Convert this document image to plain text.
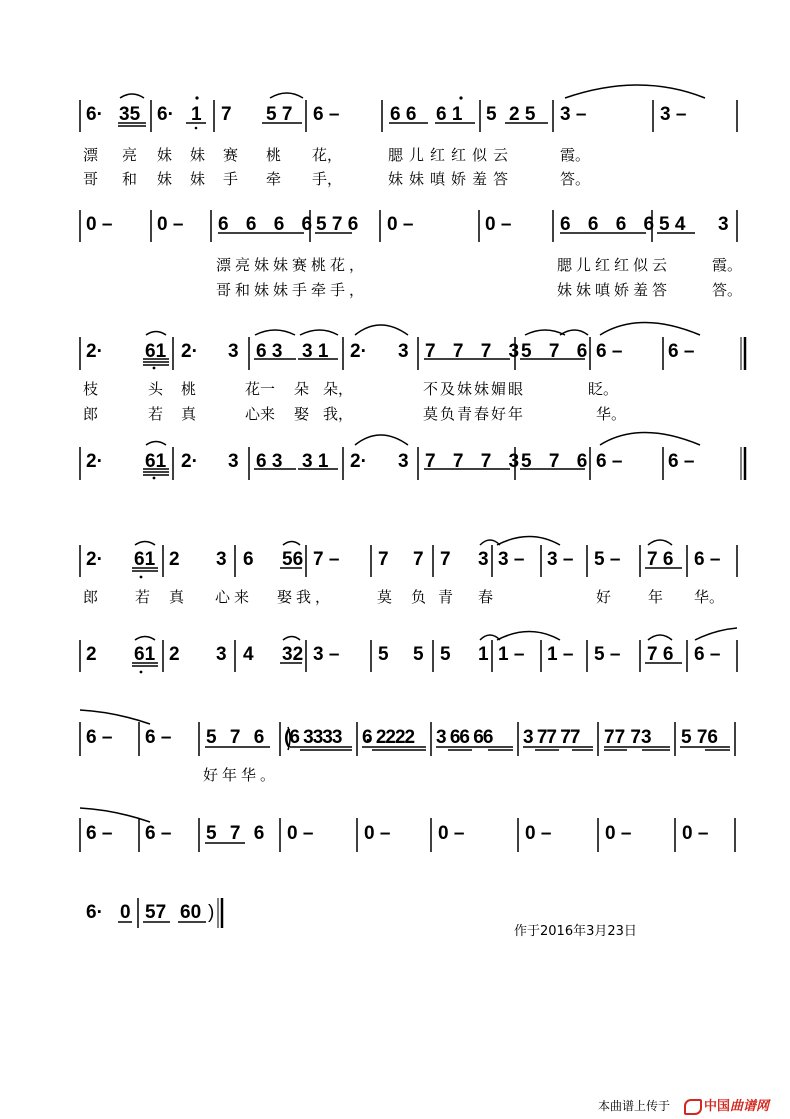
6· 35 6· 1 7 5 7 6 –	6 6 6 1 5 2 5 3 –	3 –
漂 亮 妹 妹 赛 桃 花，	腮儿红红似云	霞。
哥 和 妹 妹 手 牵 手，	妹妹嗔娇羞答	答。
0 – 0 – 6 6 6 6
5 7 6 0 –	0 –	6 6 6 6
5 4 3
漂亮妹妹赛桃花，	腮儿红红似云	霞。
哥和妹妹手牵手，	妹妹嗔娇羞答	答。
2· 61 2· 3 6 3 3 1 2· 3 7 7 7 3
5 7 6 6 – 6 –
枝	头 桃	花一 朵 朵，	不及妹妹媚眼	眨。
郎	若 真	心来 娶 我，	莫负青春好年	华。
2· 61 2· 3 6 3 3 1 2· 3 7 7 7 3
5 7 6 6 – 6 –
2· 61 2 3 6 56 7 – 7 7 7 3 3 – 3 – 5 – 7 6 6 –
郎 若 真 心来 娶我，	莫 负青 春	好 年 华。
2 61 2 3 4 32 3 – 5 5 5 1 1 – 1 – 5 – 7 6 6 –
6 – 6 – 5 7 6 (6 3333 6 2222 3 66 66 3 77 77 77 73 5 76
好年华。
6 – 6 – 5 7 6 0 –	0 –	0 –	0 –	0 –	0 –
6· 0 57 60 )
作于2016年3月23日
本曲谱上传于	中国曲谱网
